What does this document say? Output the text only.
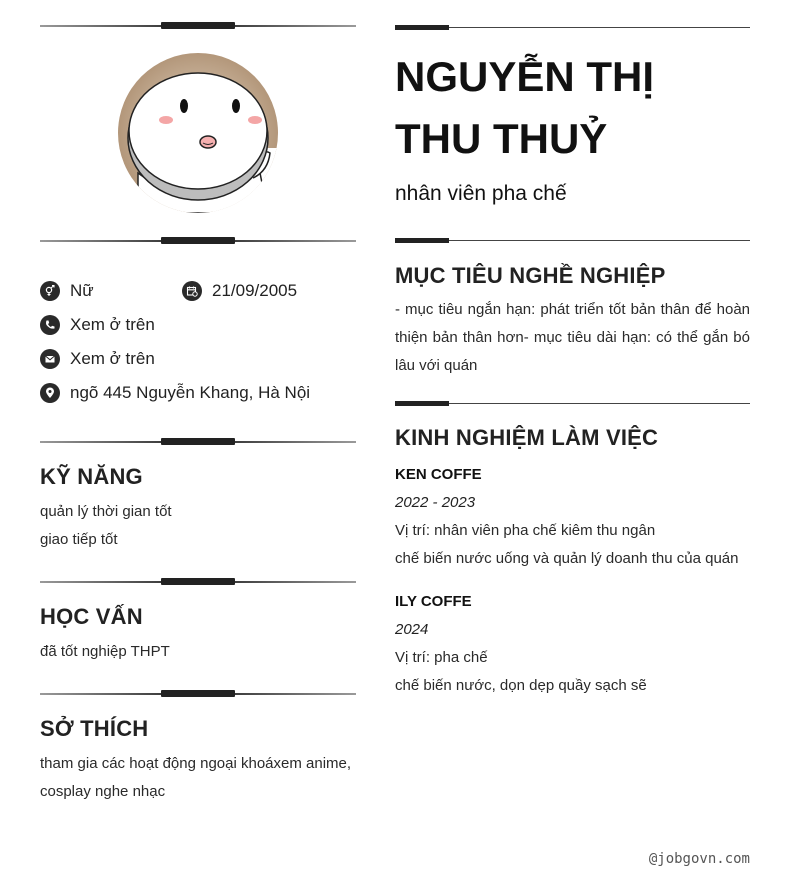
Nữ	21/09/2005
Xem ở trên
Xem ở trên
ngõ 445 Nguyễn Khang, Hà Nội
KỸ NĂNG
quản lý thời gian tốt
giao tiếp tốt
HỌC VẤN
đã tốt nghiệp THPT
SỞ THÍCH
tham gia các hoạt động ngoại khoáxem anime,
cosplay nghe nhạc
NGUYỄN THỊ THU THUỶ
nhân viên pha chế
MỤC TIÊU NGHỀ NGHIỆP
- mục tiêu ngắn hạn: phát triển tốt bản thân để hoàn thiện bản thân hơn- mục tiêu dài hạn: có thể gắn bó lâu với quán
KINH NGHIỆM LÀM VIỆC
KEN COFFE
2022 - 2023
Vị trí: nhân viên pha chế kiêm thu ngân
chế biến nước uống và quản lý doanh thu của quán
ILY COFFE
2024
Vị trí: pha chế
chế biến nước, dọn dẹp quầy sạch sẽ
@jobgovn.com
